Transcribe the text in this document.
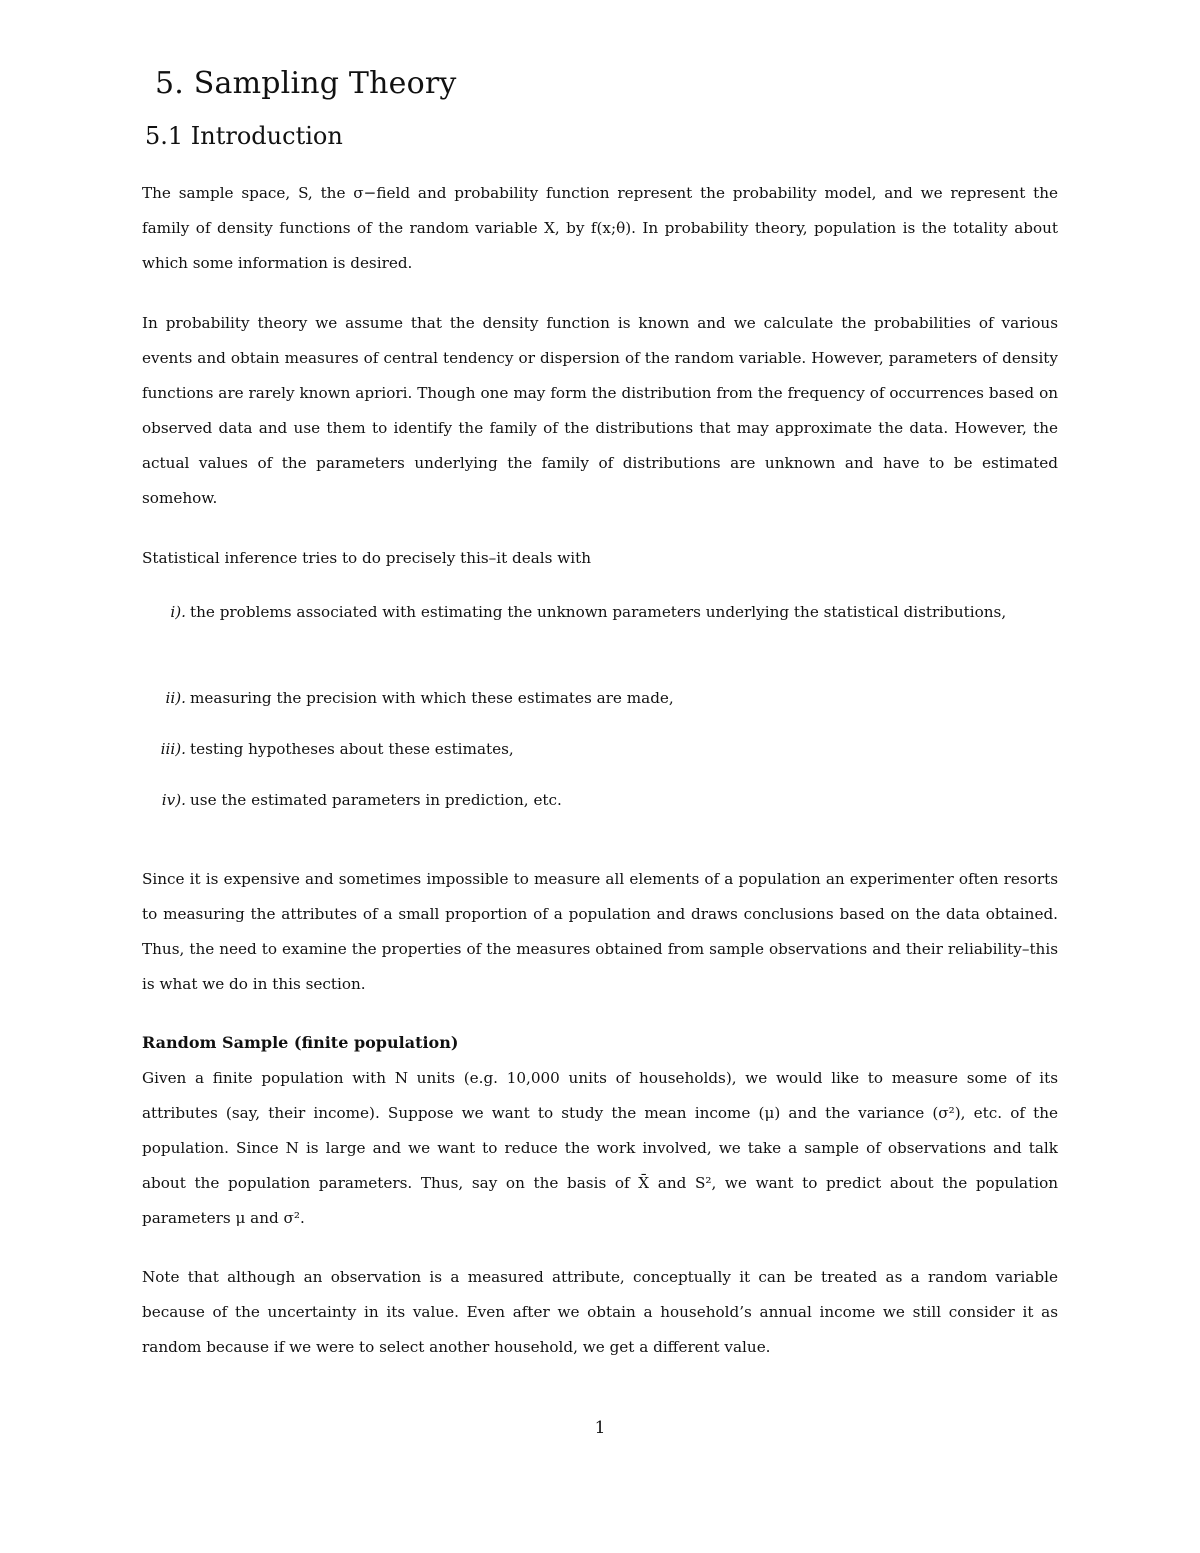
5. Sampling Theory
5.1 Introduction

The sample space, S, the σ−field and probability function represent the probability model, and we represent the family of density functions of the random variable X, by f(x;θ). In probability theory, population is the totality about which some information is desired.

In probability theory we assume that the density function is known and we calculate the probabilities of various events and obtain measures of central tendency or dispersion of the random variable. However, parameters of density functions are rarely known apriori. Though one may form the distribution from the frequency of occurrences based on observed data and use them to identify the family of the distributions that may approximate the data. However, the actual values of the parameters underlying the family of distributions are unknown and have to be estimated somehow.

Statistical inference tries to do precisely this–it deals with

i). the problems associated with estimating the unknown parameters underlying the statistical distributions,
ii). measuring the precision with which these estimates are made,
iii). testing hypotheses about these estimates,
iv). use the estimated parameters in prediction, etc.

Since it is expensive and sometimes impossible to measure all elements of a population an experimenter often resorts to measuring the attributes of a small proportion of a population and draws conclusions based on the data obtained. Thus, the need to examine the properties of the measures obtained from sample observations and their reliability–this is what we do in this section.

Random Sample (finite population)

Given a finite population with N units (e.g. 10,000 units of households), we would like to measure some of its attributes (say, their income). Suppose we want to study the mean income (μ) and the variance (σ²), etc. of the population. Since N is large and we want to reduce the work involved, we take a sample of observations and talk about the population parameters. Thus, say on the basis of X̄ and S², we want to predict about the population parameters μ and σ².

Note that although an observation is a measured attribute, conceptually it can be treated as a random variable because of the uncertainty in its value. Even after we obtain a household’s annual income we still consider it as random because if we were to select another household, we get a different value.

1
